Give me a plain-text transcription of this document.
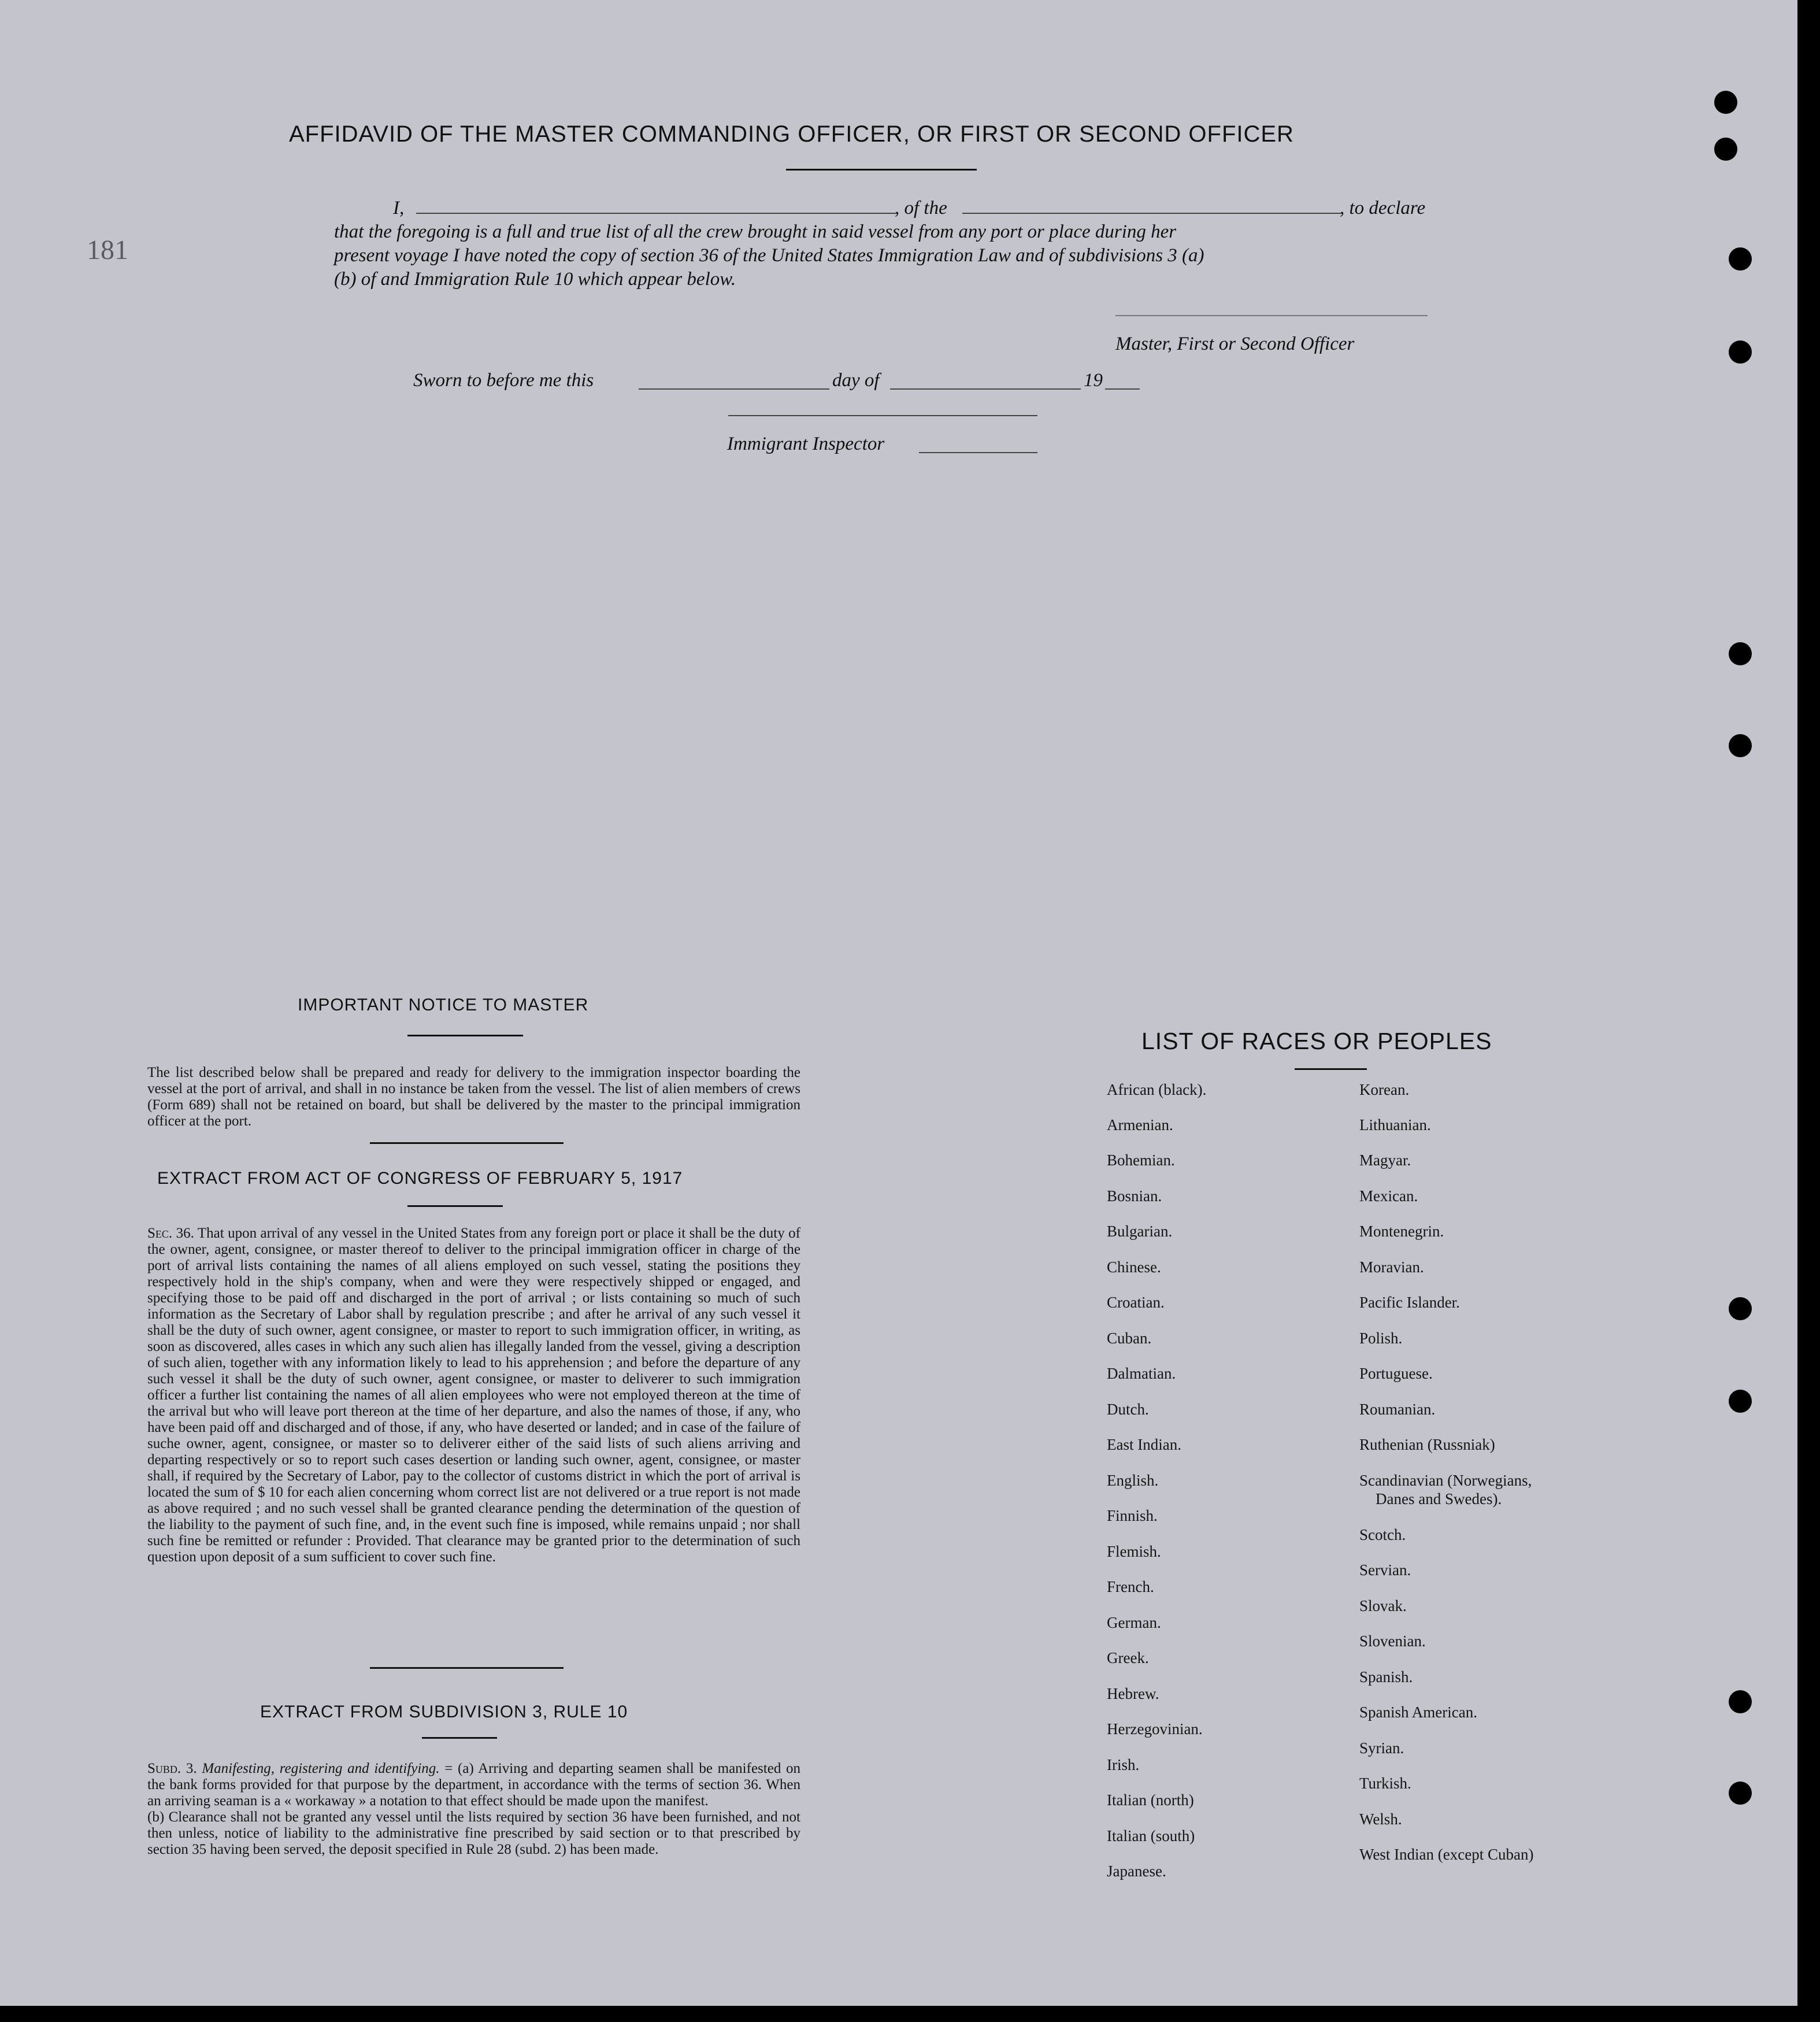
AFFIDAVID OF THE MASTER COMMANDING OFFICER, OR FIRST OR SECOND OFFICER
I,	, of the	, to declare
that the foregoing is a full and true list of all the crew brought in said vessel from any port or place during her
present voyage I have noted the copy of section 36 of the United States Immigration Law and of subdivisions 3 (a)
(b) of and Immigration Rule 10 which appear below.
Master, First or Second Officer
Sworn to before me this	day of	19
Immigrant Inspector
181
IMPORTANT NOTICE TO MASTER
The list described below shall be prepared and ready for delivery to the immigration inspector boarding the vessel at the port of arrival, and shall in no instance be taken from the vessel. The list of alien members of crews (Form 689) shall not be retained on board, but shall be delivered by the master to the principal immigration officer at the port.
EXTRACT FROM ACT OF CONGRESS OF FEBRUARY 5, 1917
Sec. 36. That upon arrival of any vessel in the United States from any foreign port or place it shall be the duty of the owner, agent, consignee, or master thereof to deliver to the principal immigration officer in charge of the port of arrival lists containing the names of all aliens employed on such vessel, stating the positions they respectively hold in the ship's company, when and were they were respectively shipped or engaged, and specifying those to be paid off and discharged in the port of arrival ; or lists containing so much of such information as the Secretary of Labor shall by regulation prescribe ; and after he arrival of any such vessel it shall be the duty of such owner, agent consignee, or master to report to such immigration officer, in writing, as soon as discovered, alles cases in which any such alien has illegally landed from the vessel, giving a description of such alien, together with any information likely to lead to his apprehension ; and before the departure of any such vessel it shall be the duty of such owner, agent consignee, or master to deliverer to such immigration officer a further list containing the names of all alien employees who were not employed thereon at the time of the arrival but who will leave port thereon at the time of her departure, and also the names of those, if any, who have been paid off and discharged and of those, if any, who have deserted or landed; and in case of the failure of suche owner, agent, consignee, or master so to deliverer either of the said lists of such aliens arriving and departing respectively or so to report such cases desertion or landing such owner, agent, consignee, or master shall, if required by the Secretary of Labor, pay to the collector of customs district in which the port of arrival is located the sum of $ 10 for each alien concerning whom correct list are not delivered or a true report is not made as above required ; and no such vessel shall be granted clearance pending the determination of the question of the liability to the payment of such fine, and, in the event such fine is imposed, while remains unpaid ; nor shall such fine be remitted or refunder : Provided. That clearance may be granted prior to the determination of such question upon deposit of a sum sufficient to cover such fine.
EXTRACT FROM SUBDIVISION 3, RULE 10
Subd. 3. Manifesting, registering and identifying. = (a) Arriving and departing seamen shall be manifested on the bank forms provided for that purpose by the department, in accordance with the terms of section 36. When an arriving seaman is a « workaway » a notation to that effect should be made upon the manifest.
(b) Clearance shall not be granted any vessel until the lists required by section 36 have been furnished, and not then unless, notice of liability to the administrative fine prescribed by said section or to that prescribed by section 35 having been served, the deposit specified in Rule 28 (subd. 2) has been made.
LIST OF RACES OR PEOPLES
African (black).
Armenian.
Bohemian.
Bosnian.
Bulgarian.
Chinese.
Croatian.
Cuban.
Dalmatian.
Dutch.
East Indian.
English.
Finnish.
Flemish.
French.
German.
Greek.
Hebrew.
Herzegovinian.
Irish.
Italian (north)
Italian (south)
Japanese.
Korean.
Lithuanian.
Magyar.
Mexican.
Montenegrin.
Moravian.
Pacific Islander.
Polish.
Portuguese.
Roumanian.
Ruthenian (Russniak)
Scandinavian (Norwegians,
Danes and Swedes).
Scotch.
Servian.
Slovak.
Slovenian.
Spanish.
Spanish American.
Syrian.
Turkish.
Welsh.
West Indian (except Cuban)
